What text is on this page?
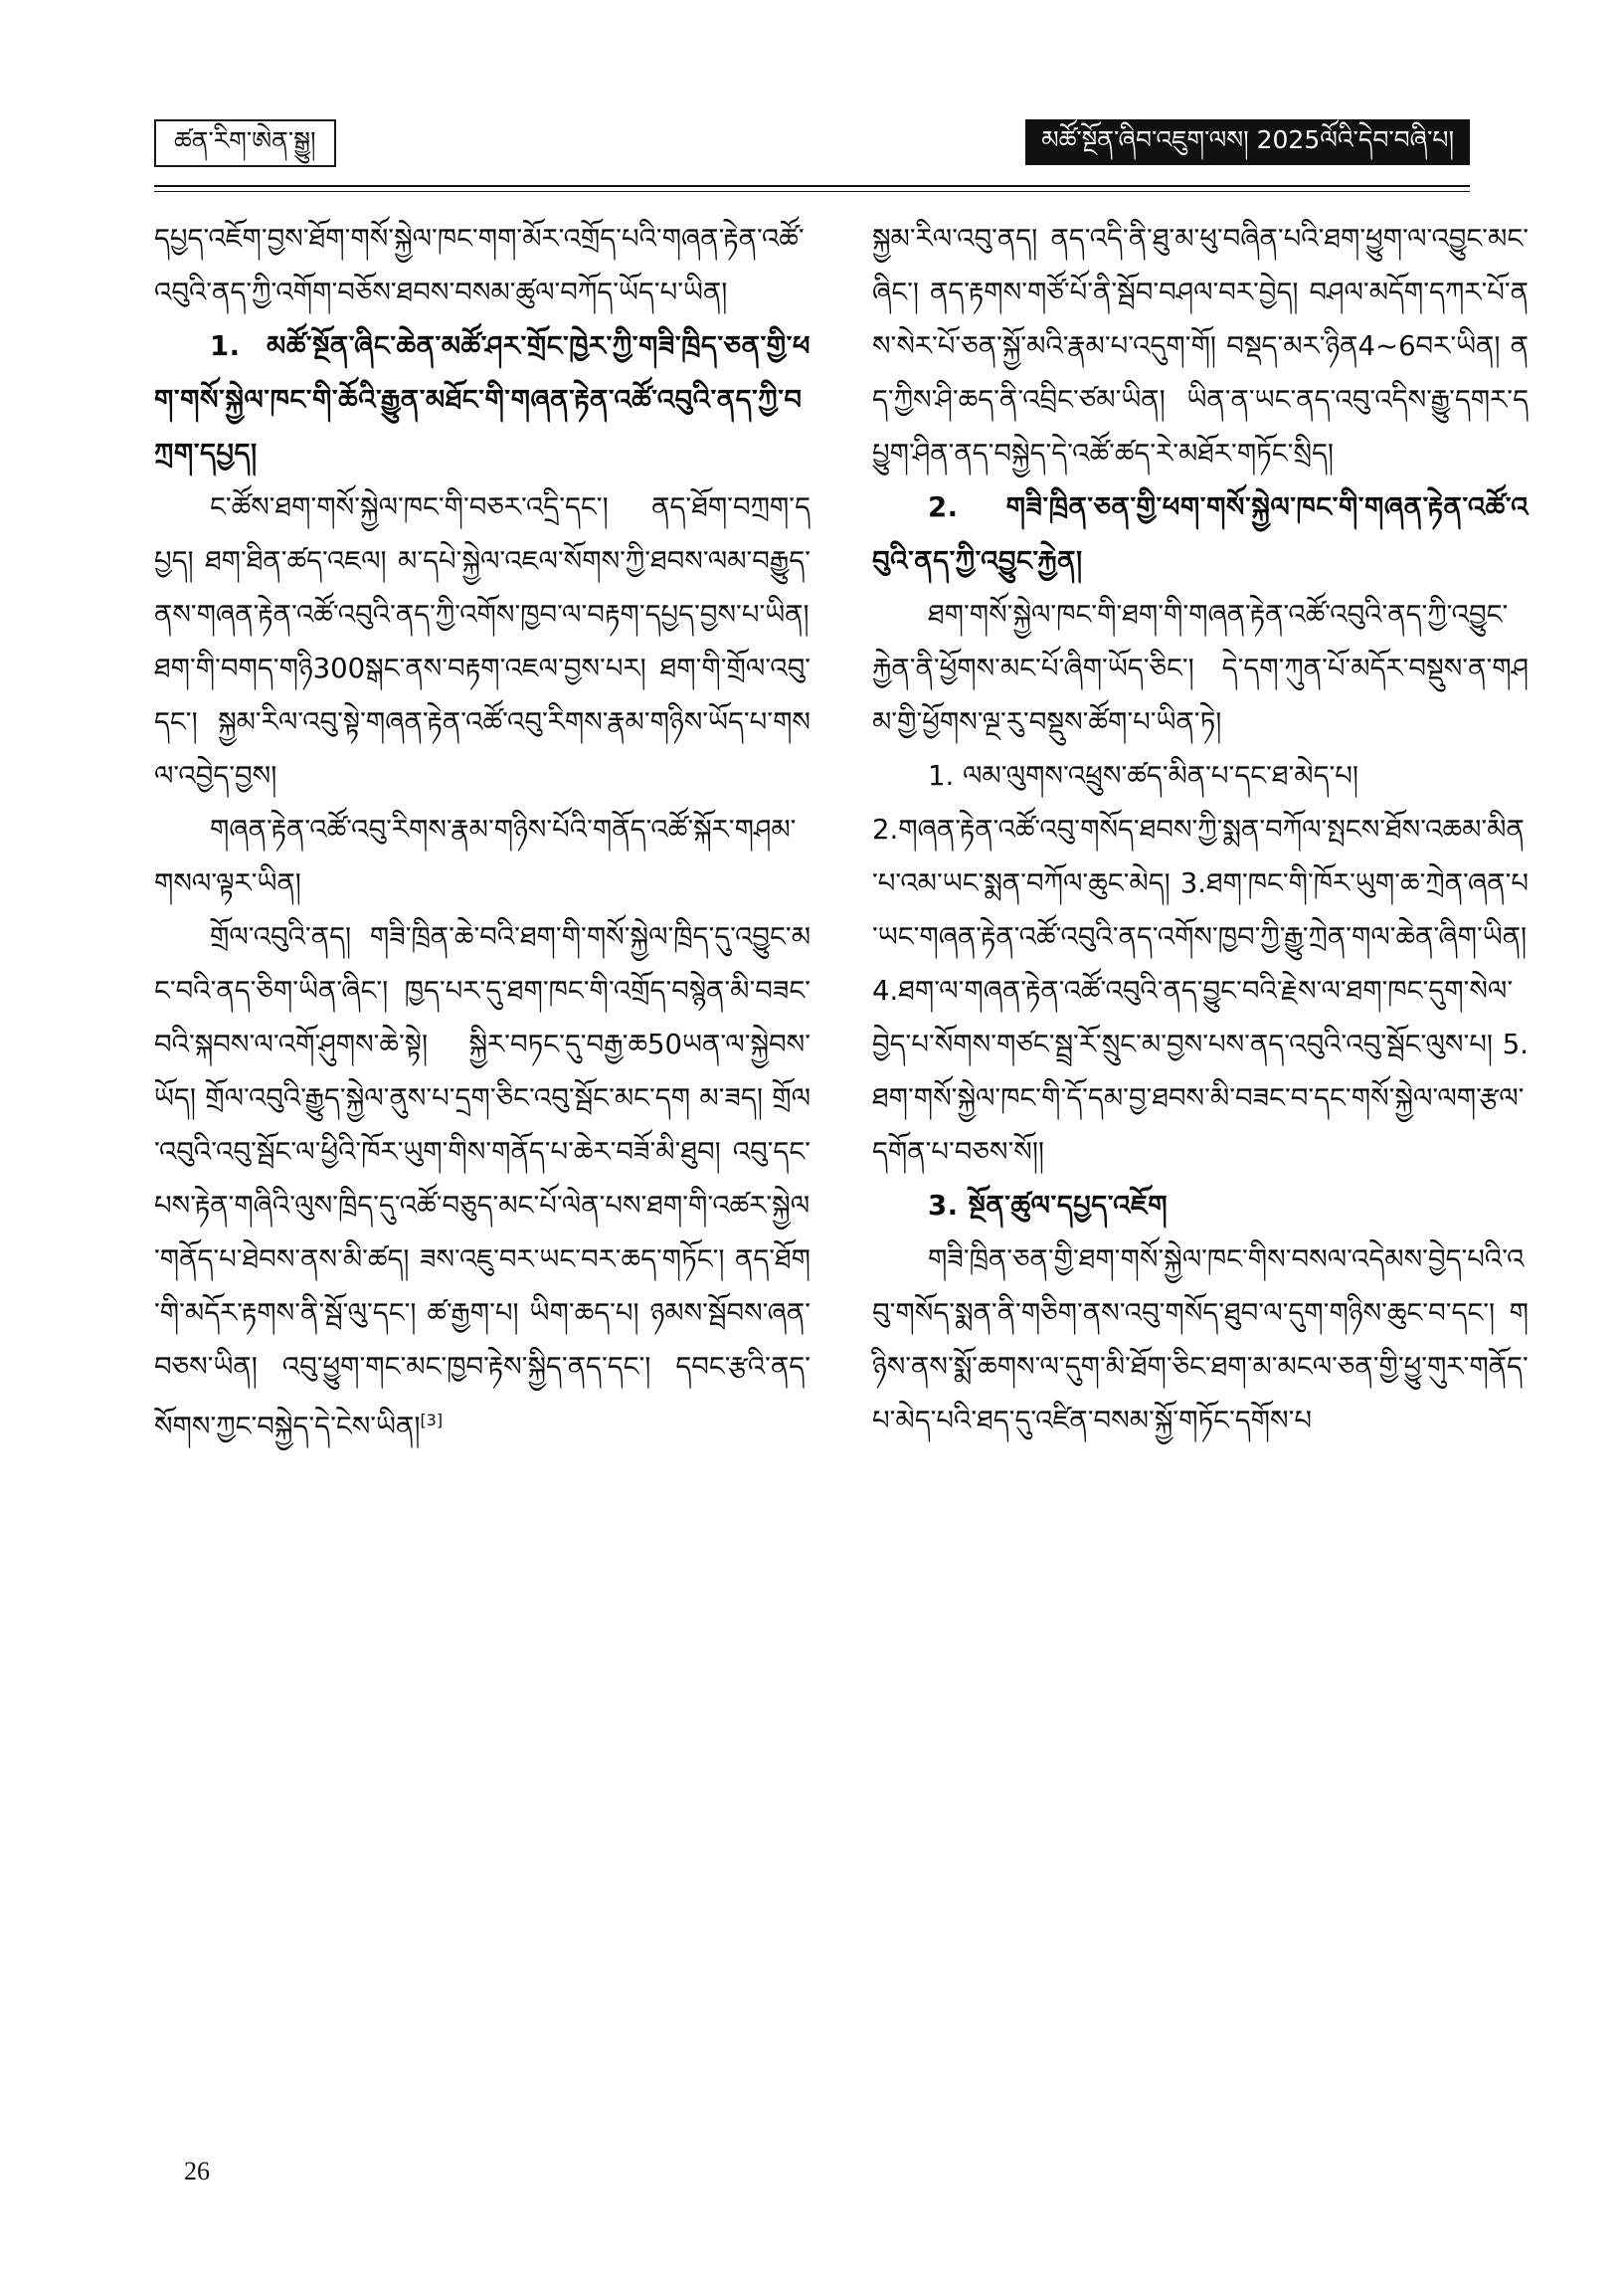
ཚན་རིག་ཨེན་སྒྱུ།	མཚོ་སྔོན་ཞིབ་འཇུག་ལས། 2025ལོའི་དེབ་བཞི་པ།

དཔྱད་འཇོག་བྱས་ཐོག་གསོ་སྐྱེལ་ཁང་གག་མོར་འགྲོད་པའི་གཞན་རྟེན་འཚོ་འབུའི་ནད་ཀྱི་འགོག་བཅོས་ཐབས་བསམ་ཚུལ་བཀོད་ཡོད་པ་ཡིན།

1. མཚོ་སྔོན་ཞིང་ཆེན་མཚོ་ཤར་གྲོང་ཁྱེར་ཀྱི་གཟི་ཁྲིད་ཅན་གྱི་ཕག་གསོ་སྐྱེལ་ཁང་གི་ཆོའི་རྒྱུན་མཐོང་གི་གཞན་རྟེན་འཚོ་འབུའི་ནད་ཀྱི་བཀྲག་དཔྱད།

ང་ཚོས་ཐག་གསོ་སྐྱེལ་ཁང་གི་བཅར་འདྲི་དང་། ནད་ཐོག་བཀྲག་དཔྱད། ཐག་ཐིན་ཚད་འཇལ། མ་དཔེ་སྐྱེལ་འཇལ་སོགས་ཀྱི་ཐབས་ལམ་བརྒྱུད་ནས་གཞན་རྟེན་འཚོ་འབུའི་ནད་ཀྱི་འགོས་ཁྱབ་ལ་བརྟག་དཔྱད་བྱས་པ་ཡིན། ཐག་གི་བགད་གཉི300སྒང་ནས་བརྟག་འཇལ་བྱས་པར། ཐག་གི་གྲོལ་འབུ་དང་། སྐྱམ་རིལ་འབུ་སྟེ་གཞན་རྟེན་འཚོ་འབུ་རིགས་རྣམ་གཉིས་ཡོད་པ་གསལ་འབྱེད་བྱས།

གཞན་རྟེན་འཚོ་འབུ་རིགས་རྣམ་གཉིས་པོའི་གནོད་འཚོ་སྐོར་གཤམ་གསལ་ལྟར་ཡིན།

གྲོལ་འབུའི་ནད། གཟི་ཁྲིན་ཆེ་བའི་ཐག་གི་གསོ་སྐྱེལ་ཁྲིད་དུ་འབྱུང་མང་བའི་ནད་ཅིག་ཡིན་ཞིང་། ཁྱད་པར་དུ་ཐག་ཁང་གི་འགྲོད་བསྙེན་མི་བཟང་བའི་སྐབས་ལ་འགོ་ཤུགས་ཆེ་སྟེ། སྐྱིར་བཏང་དུ་བརྒྱ་ཆ50ཡན་ལ་སྐྱེབས་ཡོད། གྲོལ་འབུའི་རྒྱུད་སྐྱེལ་ནུས་པ་དྲག་ཅིང་འབུ་སྦོང་མང་དག མ་ཟད། གྲོལ་འབུའི་འབུ་སྦོང་ལ་ཕྱིའི་ཁོར་ཡུག་གིས་གནོད་པ་ཆེར་བཟོ་མི་ཐུབ། འབུ་དང་པས་རྟེན་གཞིའི་ལུས་ཁྲིད་དུ་འཚོ་བཅུད་མང་པོ་ལེན་པས་ཐག་གི་འཚར་སྐྱེལ་གནོད་པ་ཐེབས་ནས་མི་ཚད། ཟས་འཇུ་བར་ཡང་བར་ཆད་གཏོང་། ནད་ཐོག་གི་མདོར་རྟགས་ནི་སྦོ་ལུ་དང་། ཚ་རྒྱག་པ། ཡིག་ཆད་པ། ཉམས་སྦོབས་ཞན་བཅས་ཡིན། འབུ་ཕྱུག་གང་མང་ཁྱབ་རྟེས་སྐྱིད་ནད་དང་། དབང་རྩའི་ནད་སོགས་ཀྱང་བསྐྱེད་དེ་ངེས་ཡིན།[3]

སྐྱམ་རིལ་འབུ་ནད། ནད་འདི་ནི་ཐུ་མ་ཕུ་བཞིན་པའི་ཐག་ཕྱུག་ལ་འབྱུང་མང་ཞིང་། ནད་རྟགས་གཙོ་པོ་ནི་སྦོབ་བཤལ་བར་བྱེད། བཤལ་མདོག་དཀར་པོ་ནས་སེར་པོ་ཅན་སྐྱོ་མའི་རྣམ་པ་འདུག་གོ། བསྡད་མར་ཉིན4~6བར་ཡིན། ནད་ཀྱིས་ཤི་ཆད་ནི་འབྲིང་ཙམ་ཡིན། ཡིན་ན་ཡང་ནད་འབུ་འདིས་རྒྱུ་དགར་དཔྱུག་ཤིན་ནད་བསྐྱེད་དེ་འཚོ་ཚད་རེ་མཐོར་གཏོང་སྲིད།

2. གཟི་ཁྲིན་ཅན་གྱི་ཕག་གསོ་སྐྱེལ་ཁང་གི་གཞན་རྟེན་འཚོ་འབུའི་ནད་ཀྱི་འབྱུང་རྐྱེན།

ཐག་གསོ་སྐྱེལ་ཁང་གི་ཐག་གི་གཞན་རྟེན་འཚོ་འབུའི་ནད་ཀྱི་འབྱུང་རྐྱེན་ནི་ཕྱོགས་མང་པོ་ཞིག་ཡོད་ཅིང་། དེ་དག་ཀུན་པོ་མདོར་བསྡུས་ན་གཤམ་གྱི་ཕྱོགས་ལྔ་རུ་བསྡུས་ཚོག་པ་ཡིན་ཏེ།

1. ལམ་ལུགས་འཕྲུས་ཚད་མིན་པ་དང་ཐ་མེད་པ།

2.གཞན་རྟེན་འཚོ་འབུ་གསོད་ཐབས་ཀྱི་སྨན་བཀོལ་སྤངས་ཐོས་འཆམ་མིན་པ་འམ་ཡང་སྨན་བཀོལ་ཆུང་མེད། 3.ཐག་ཁང་གི་ཁོར་ཡུག་ཆ་ཀྲེན་ཞན་པ་ཡང་གཞན་རྟེན་འཚོ་འབུའི་ནད་འགོས་ཁྱབ་ཀྱི་རྒྱུ་ཀྲེན་གལ་ཆེན་ཞིག་ཡིན། 4.ཐག་ལ་གཞན་རྟེན་འཚོ་འབུའི་ནད་བྱུང་བའི་རྗེས་ལ་ཐག་ཁང་དུག་སེལ་བྱེད་པ་སོགས་གཙང་སྦྲ་རོ་སྲུང་མ་བྱས་པས་ནད་འབུའི་འབུ་སྦོང་ལུས་པ། 5.ཐག་གསོ་སྐྱེལ་ཁང་གི་དོ་དམ་བྱ་ཐབས་མི་བཟང་བ་དང་གསོ་སྐྱེལ་ལག་རྩལ་དགོན་པ་བཅས་སོ།།

3. སྔོན་ཚུལ་དཔྱད་འཇོག

གཟི་ཁྲིན་ཅན་གྱི་ཐག་གསོ་སྐྱེལ་ཁང་གིས་བསལ་འདེམས་བྱེད་པའི་འབུ་གསོད་སྨན་ནི་གཅིག་ནས་འབུ་གསོད་ཐུབ་ལ་དུག་གཉིས་ཆུང་བ་དང་། གཉིས་ནས་སྨོ་ཆགས་ལ་དུག་མི་ཐོག་ཅིང་ཐག་མ་མངལ་ཅན་གྱི་ཕྱུ་གུར་གནོད་པ་མེད་པའི་ཐད་དུ་འཛིན་བསམ་སྐྱོ་གཏོང་དགོས་པ

26
